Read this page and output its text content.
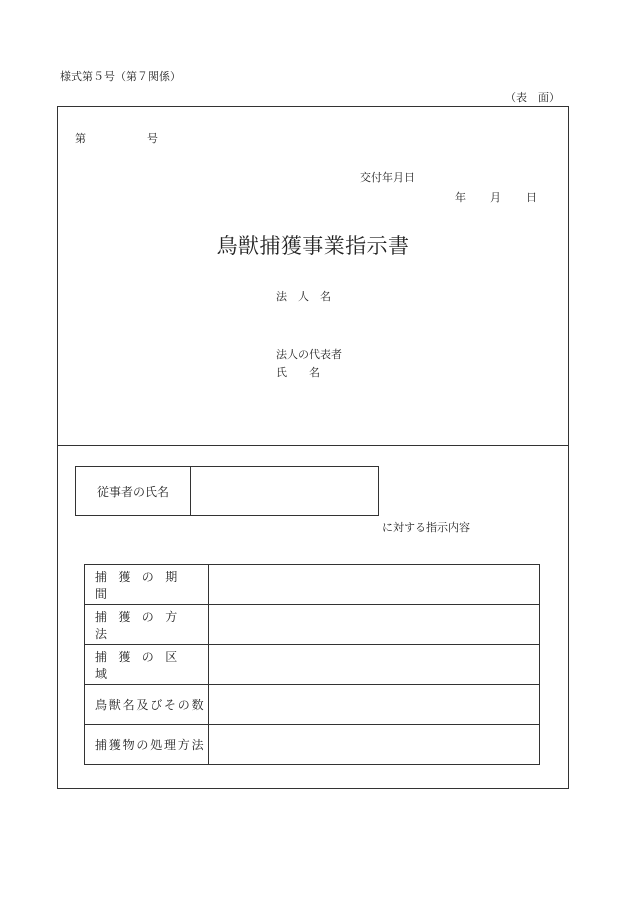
様式第５号（第７関係）
（表　面）
第	号
交付年月日
年 月 日
鳥獣捕獲事業指示書
法　人　名
法人の代表者
氏　　名
従事者の氏名
に対する指示内容
捕獲の期間	
捕獲の方法	
捕獲の区域	
鳥獣名及びその数	
捕獲物の処理方法	
